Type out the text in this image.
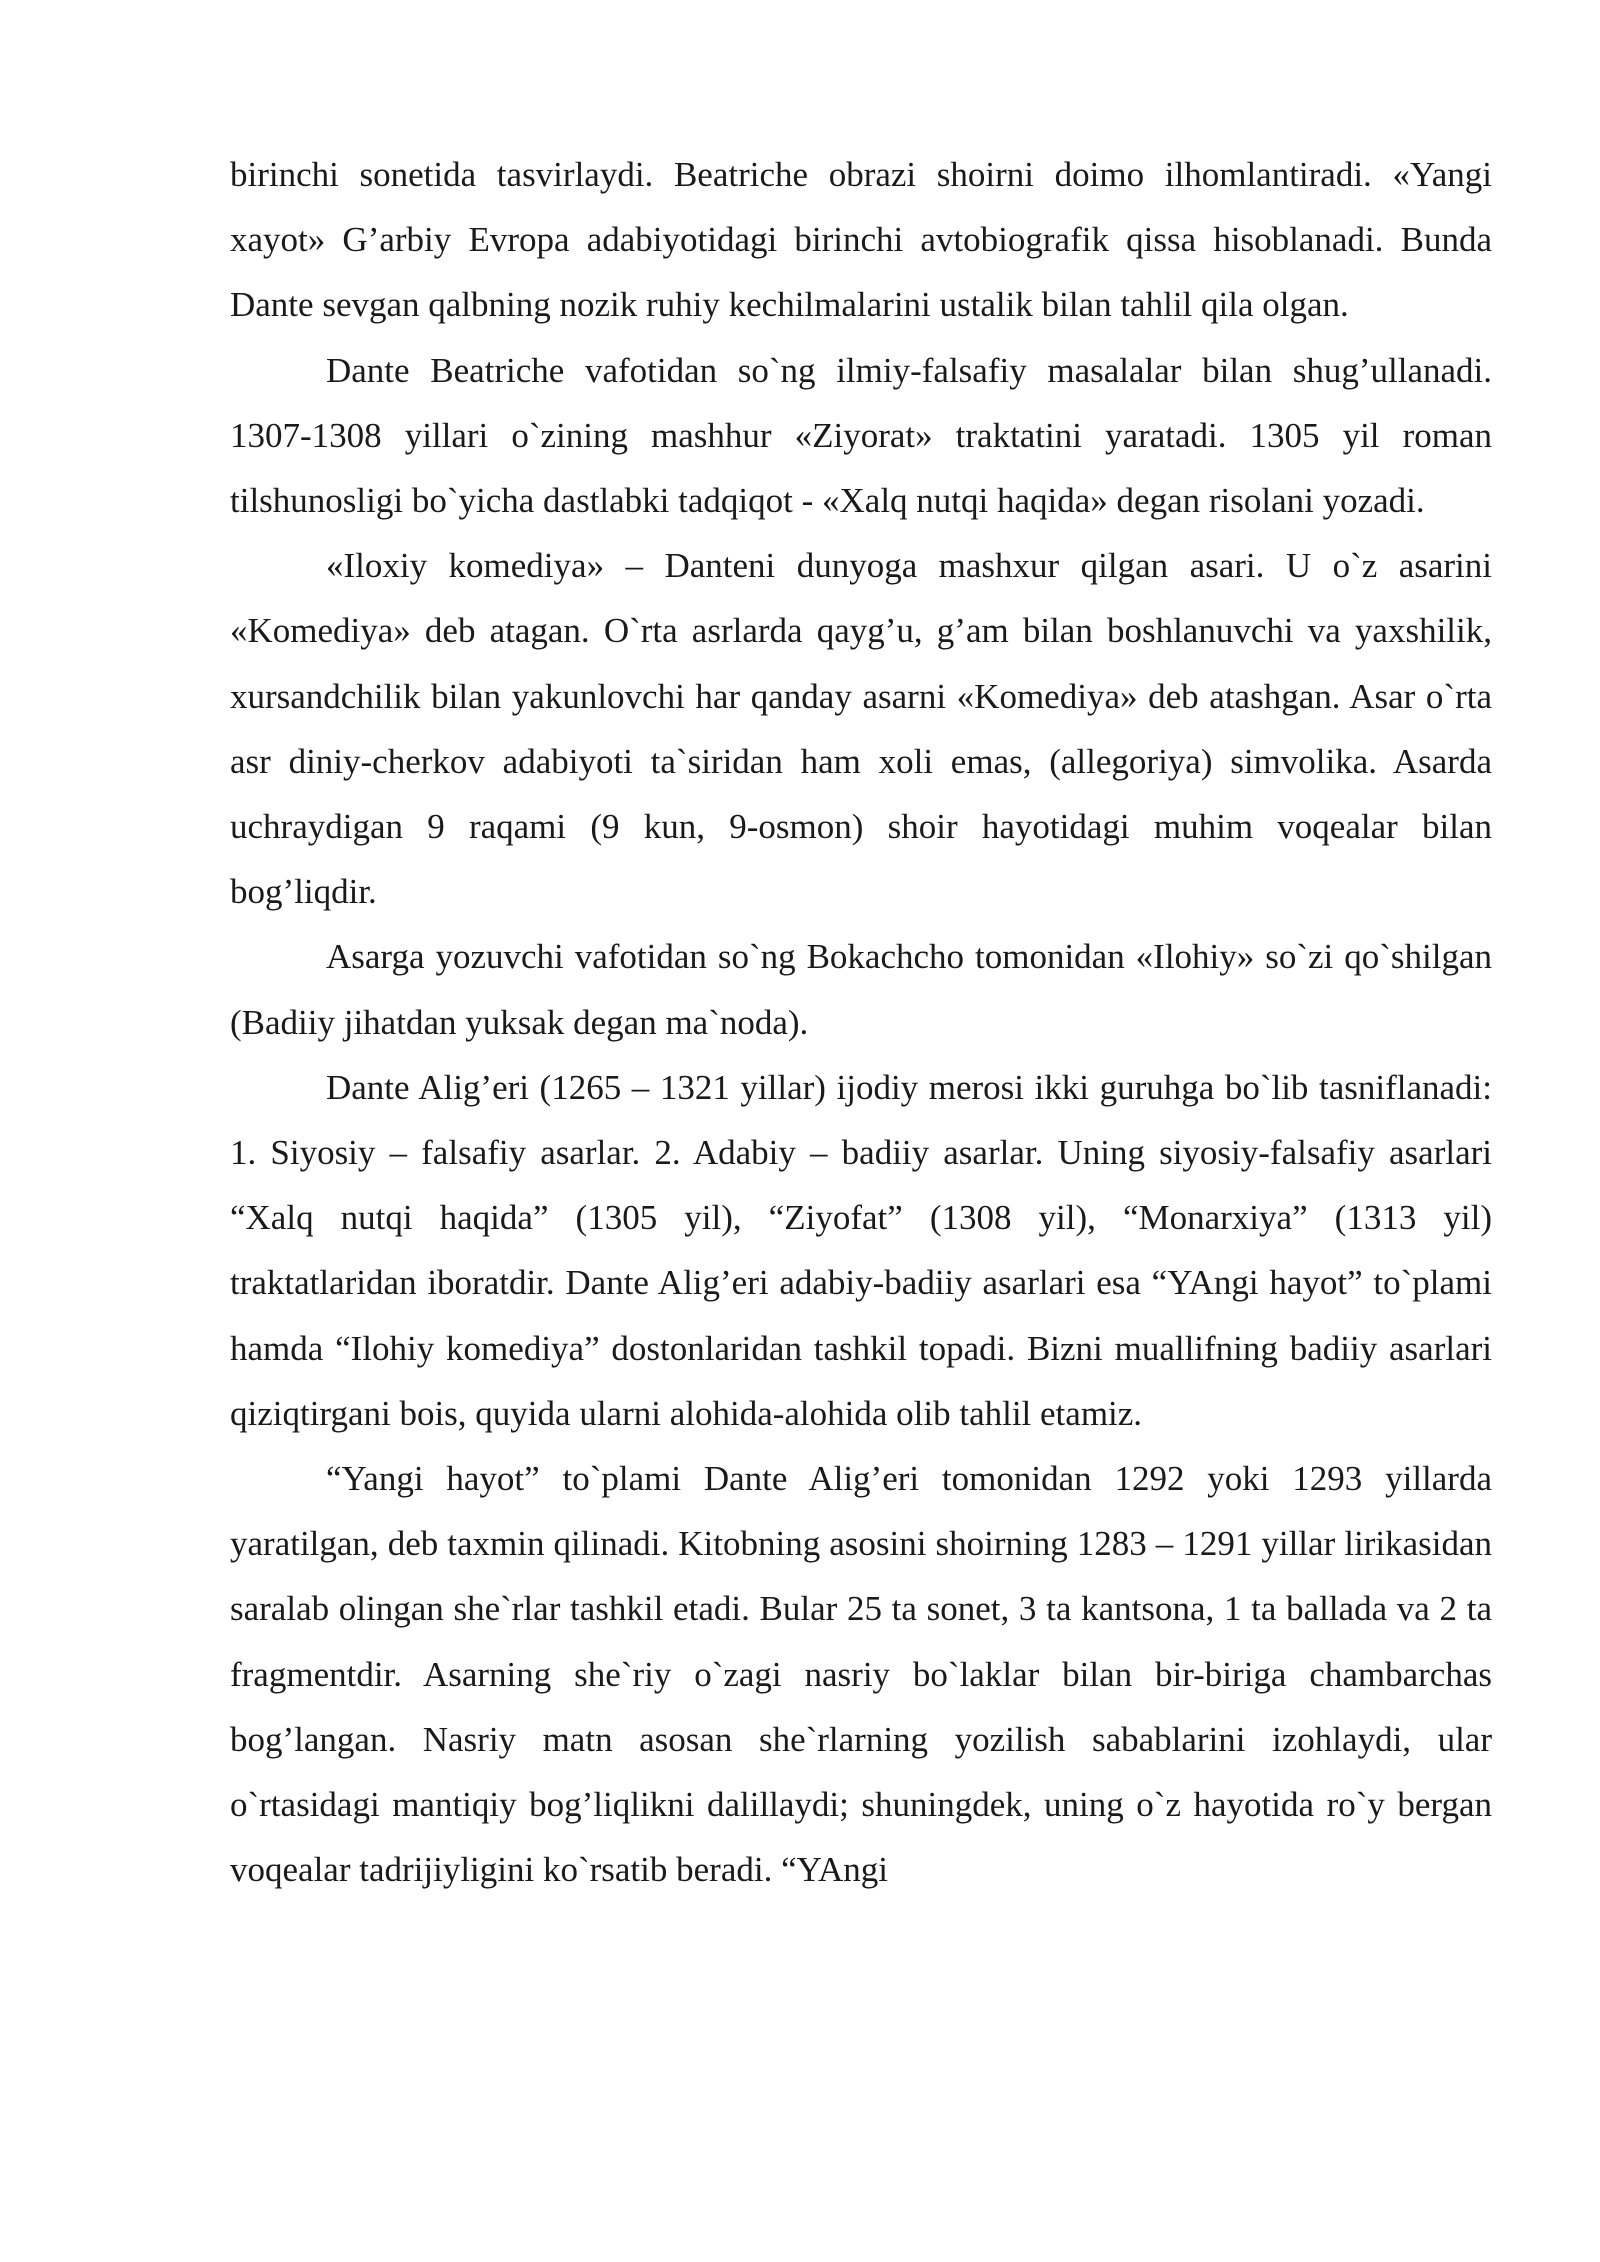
birinchi sonetida tasvirlaydi. Beatriche obrazi shoirni doimo ilhomlantiradi. «Yangi xayot» G’arbiy Evropa adabiyotidagi birinchi avtobiografik qissa hisoblanadi. Bunda Dante sevgan qalbning nozik ruhiy kechilmalarini ustalik bilan tahlil qila olgan.

Dante Beatriche vafotidan so`ng ilmiy-falsafiy masalalar bilan shug’ullanadi. 1307-1308 yillari o`zining mashhur «Ziyorat» traktatini yaratadi. 1305 yil roman tilshunosligi bo`yicha dastlabki tadqiqot - «Xalq nutqi haqida» degan risolani yozadi.

«Iloxiy komediya» – Danteni dunyoga mashxur qilgan asari. U o`z asarini «Komediya» deb atagan. O`rta asrlarda qayg’u, g’am bilan boshlanuvchi va yaxshilik, xursandchilik bilan yakunlovchi har qanday asarni «Komediya» deb atashgan. Asar o`rta asr diniy-cherkov adabiyoti ta`siridan ham xoli emas, (allegoriya) simvolika. Asarda uchraydigan 9 raqami (9 kun, 9-osmon) shoir hayotidagi muhim voqealar bilan bog’liqdir.

Asarga yozuvchi vafotidan so`ng Bokachcho tomonidan «Ilohiy» so`zi qo`shilgan (Badiiy jihatdan yuksak degan ma`noda).

Dante Alig’eri (1265 – 1321 yillar) ijodiy merosi ikki guruhga bo`lib tasniflanadi: 1. Siyosiy – falsafiy asarlar. 2. Adabiy – badiiy asarlar. Uning siyosiy-falsafiy asarlari “Xalq nutqi haqida” (1305 yil), “Ziyofat” (1308 yil), “Monarxiya” (1313 yil) traktatlaridan iboratdir. Dante Alig’eri adabiy-badiiy asarlari esa “YAngi hayot” to`plami hamda “Ilohiy komediya” dostonlaridan tashkil topadi. Bizni muallifning badiiy asarlari qiziqtirgani bois, quyida ularni alohida-alohida olib tahlil etamiz.

“Yangi hayot” to`plami Dante Alig’eri tomonidan 1292 yoki 1293 yillarda yaratilgan, deb taxmin qilinadi. Kitobning asosini shoirning 1283 – 1291 yillar lirikasidan saralab olingan she`rlar tashkil etadi. Bular 25 ta sonet, 3 ta kantsona, 1 ta ballada va 2 ta fragmentdir. Asarning she`riy o`zagi nasriy bo`laklar bilan bir-biriga chambarchas bog’langan. Nasriy matn asosan she`rlarning yozilish sabablarini izohlaydi, ular o`rtasidagi mantiqiy bog’liqlikni dalillaydi; shuningdek, uning o`z hayotida ro`y bergan voqealar tadrijiyligini ko`rsatib beradi. “YAngi
